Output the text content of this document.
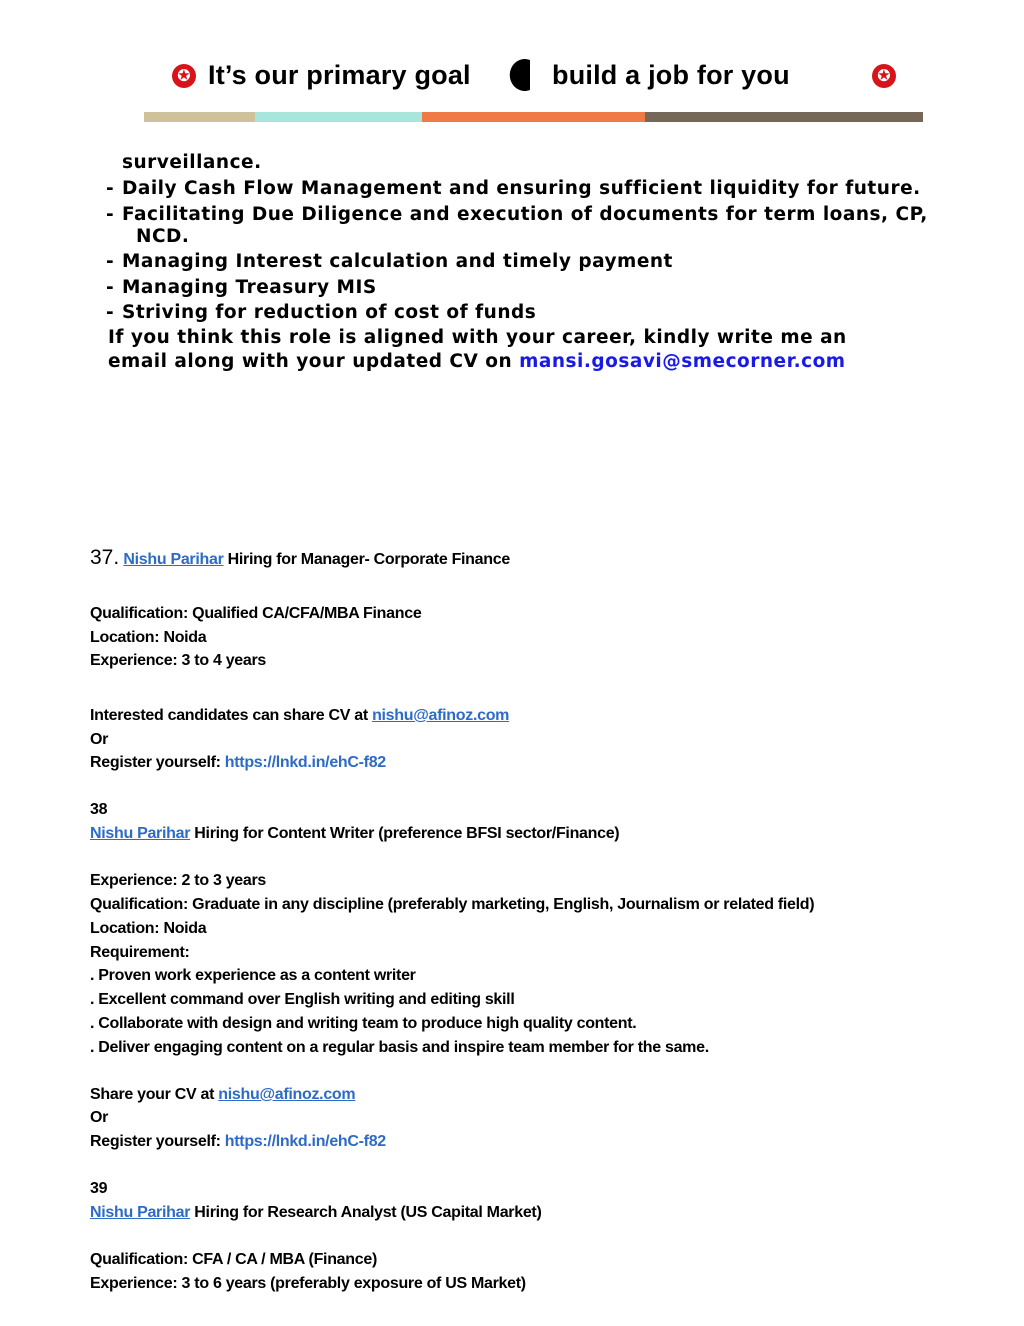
✪ It’s our primary goal	build a job for you	✪
surveillance.
- Daily Cash Flow Management and ensuring sufficient liquidity for future.
- Facilitating Due Diligence and execution of documents for term loans, CP,
NCD.
- Managing Interest calculation and timely payment
- Managing Treasury MIS
- Striving for reduction of cost of funds
If you think this role is aligned with your career, kindly write me an
email along with your updated CV on mansi.gosavi@smecorner.com
37. Nishu Parihar Hiring for Manager- Corporate Finance
Qualification: Qualified CA/CFA/MBA Finance
Location: Noida
Experience: 3 to 4 years
Interested candidates can share CV at nishu@afinoz.com
Or
Register yourself: https://lnkd.in/ehC-f82
38
Nishu Parihar Hiring for Content Writer (preference BFSI sector/Finance)
Experience: 2 to 3 years
Qualification: Graduate in any discipline (preferably marketing, English, Journalism or related field)
Location: Noida
Requirement:
. Proven work experience as a content writer
. Excellent command over English writing and editing skill
. Collaborate with design and writing team to produce high quality content.
. Deliver engaging content on a regular basis and inspire team member for the same.
Share your CV at nishu@afinoz.com
Or
Register yourself: https://lnkd.in/ehC-f82
39
Nishu Parihar Hiring for Research Analyst (US Capital Market)
Qualification: CFA / CA / MBA (Finance)
Experience: 3 to 6 years (preferably exposure of US Market)
